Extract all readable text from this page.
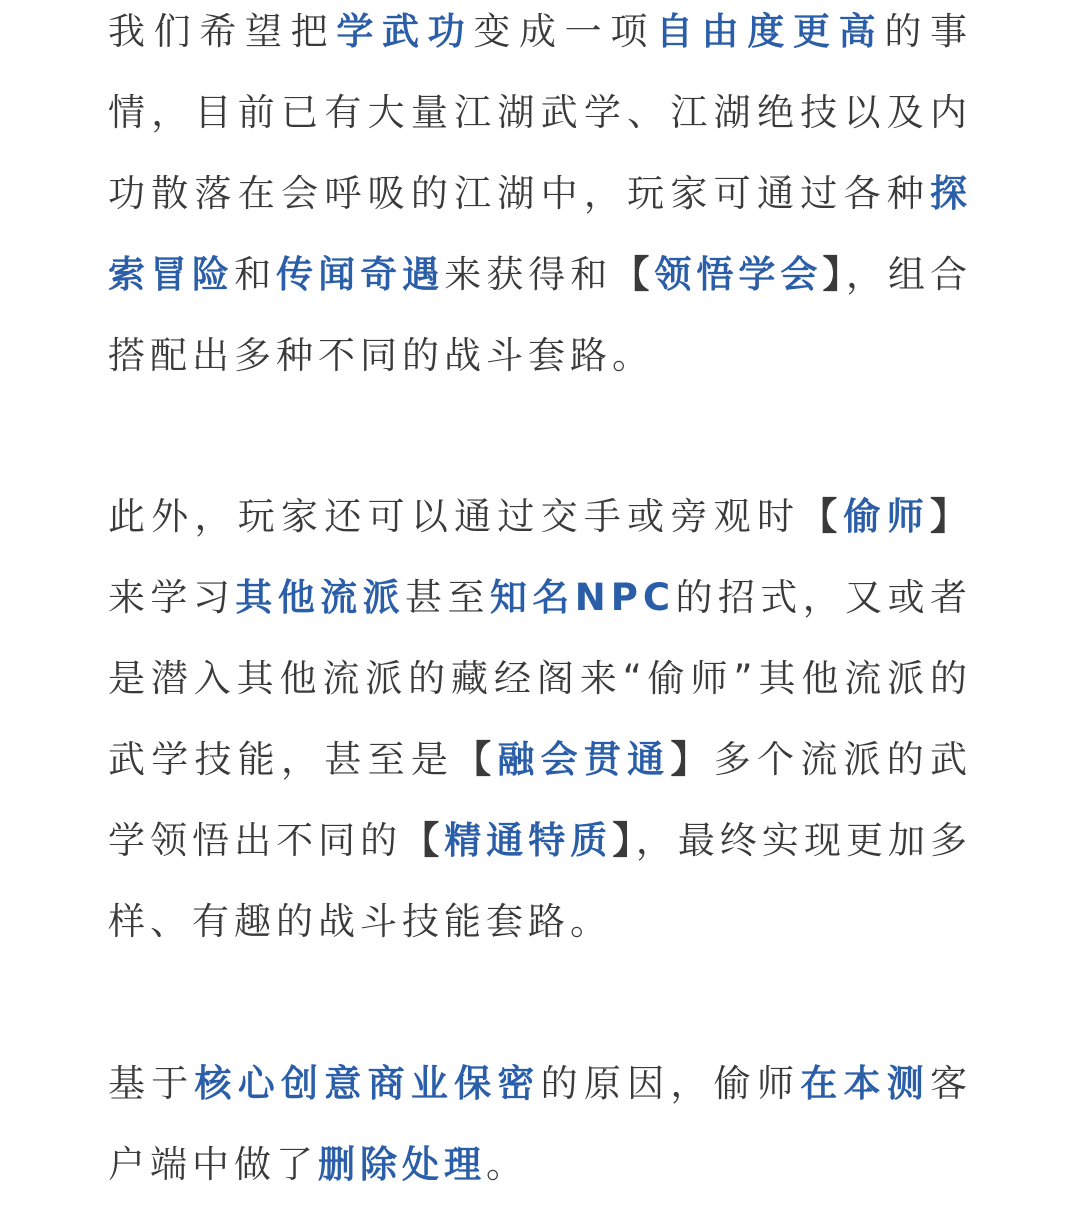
我们希望把学武功变成一项自由度更高的事情，目前已有大量江湖武学、江湖绝技以及内功散落在会呼吸的江湖中，玩家可通过各种探索冒险和传闻奇遇来获得和【领悟学会】，组合搭配出多种不同的战斗套路。

此外，玩家还可以通过交手或旁观时【偷师】来学习其他流派甚至知名NPC的招式，又或者是潜入其他流派的藏经阁来“偷师”其他流派的武学技能，甚至是【融会贯通】多个流派的武学领悟出不同的【精通特质】，最终实现更加多样、有趣的战斗技能套路。

基于核心创意商业保密的原因，偷师在本测客户端中做了删除处理。
